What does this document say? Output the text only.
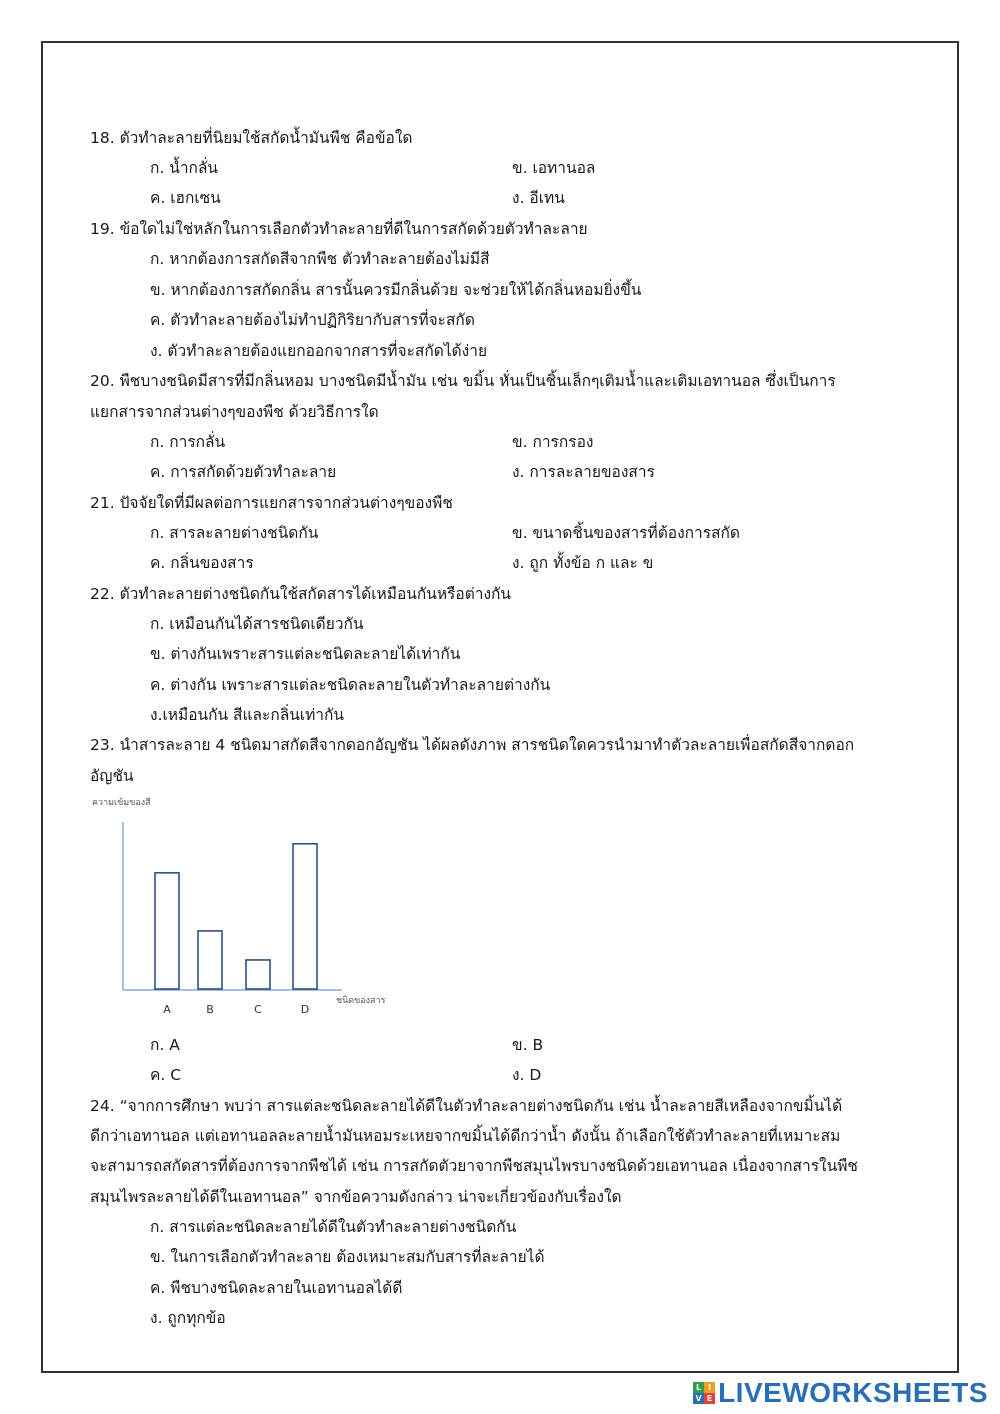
18. ตัวทำละลายที่นิยมใช้สกัดน้ำมันพืช คือข้อใด
ก. น้ำกลั่น	ข. เอทานอล
ค. เฮกเซน	ง. อีเทน
19. ข้อใดไม่ใช่หลักในการเลือกตัวทำละลายที่ดีในการสกัดด้วยตัวทำละลาย
ก. หากต้องการสกัดสีจากพืช ตัวทำละลายต้องไม่มีสี
ข. หากต้องการสกัดกลิ่น สารนั้นควรมีกลิ่นด้วย จะช่วยให้ได้กลิ่นหอมยิ่งขึ้น
ค. ตัวทำละลายต้องไม่ทำปฏิกิริยากับสารที่จะสกัด
ง. ตัวทำละลายต้องแยกออกจากสารที่จะสกัดได้ง่าย
20. พืชบางชนิดมีสารที่มีกลิ่นหอม บางชนิดมีน้ำมัน เช่น ขมิ้น หั่นเป็นชิ้นเล็กๆเติมน้ำและเติมเอทานอล ซึ่งเป็นการ
แยกสารจากส่วนต่างๆของพืช ด้วยวิธีการใด
ก. การกลั่น	ข. การกรอง
ค. การสกัดด้วยตัวทำละลาย	ง. การละลายของสาร
21. ปัจจัยใดที่มีผลต่อการแยกสารจากส่วนต่างๆของพืช
ก. สารละลายต่างชนิดกัน	ข. ขนาดชิ้นของสารที่ต้องการสกัด
ค. กลิ่นของสาร	ง. ถูก ทั้งข้อ ก และ ข
22. ตัวทำละลายต่างชนิดกันใช้สกัดสารได้เหมือนกันหรือต่างกัน
ก. เหมือนกันได้สารชนิดเดียวกัน
ข. ต่างกันเพราะสารแต่ละชนิดละลายได้เท่ากัน
ค. ต่างกัน เพราะสารแต่ละชนิดละลายในตัวทำละลายต่างกัน
ง.เหมือนกัน สีและกลิ่นเท่ากัน
23. นำสารละลาย 4 ชนิดมาสกัดสีจากดอกอัญชัน ได้ผลดังภาพ สารชนิดใดควรนำมาทำตัวละลายเพื่อสกัดสีจากดอก
อัญชัน
ความเข้มของสี
ชนิดของสาร
A	B	C	D
ก. A	ข. B
ค. C	ง. D
24. “จากการศึกษา พบว่า สารแต่ละชนิดละลายได้ดีในตัวทำละลายต่างชนิดกัน เช่น น้ำละลายสีเหลืองจากขมิ้นได้
ดีกว่าเอทานอล แต่เอทานอลละลายน้ำมันหอมระเหยจากขมิ้นได้ดีกว่าน้ำ ดังนั้น ถ้าเลือกใช้ตัวทำละลายที่เหมาะสม
จะสามารถสกัดสารที่ต้องการจากพืชได้ เช่น การสกัดตัวยาจากพืชสมุนไพรบางชนิดด้วยเอทานอล เนื่องจากสารในพืช
สมุนไพรละลายได้ดีในเอทานอล” จากข้อความดังกล่าว น่าจะเกี่ยวข้องกับเรื่องใด
ก. สารแต่ละชนิดละลายได้ดีในตัวทำละลายต่างชนิดกัน
ข. ในการเลือกตัวทำละลาย ต้องเหมาะสมกับสารที่ละลายได้
ค. พืชบางชนิดละลายในเอทานอลได้ดี
ง. ถูกทุกข้อ
L I
V E LIVEWORKSHEETS
